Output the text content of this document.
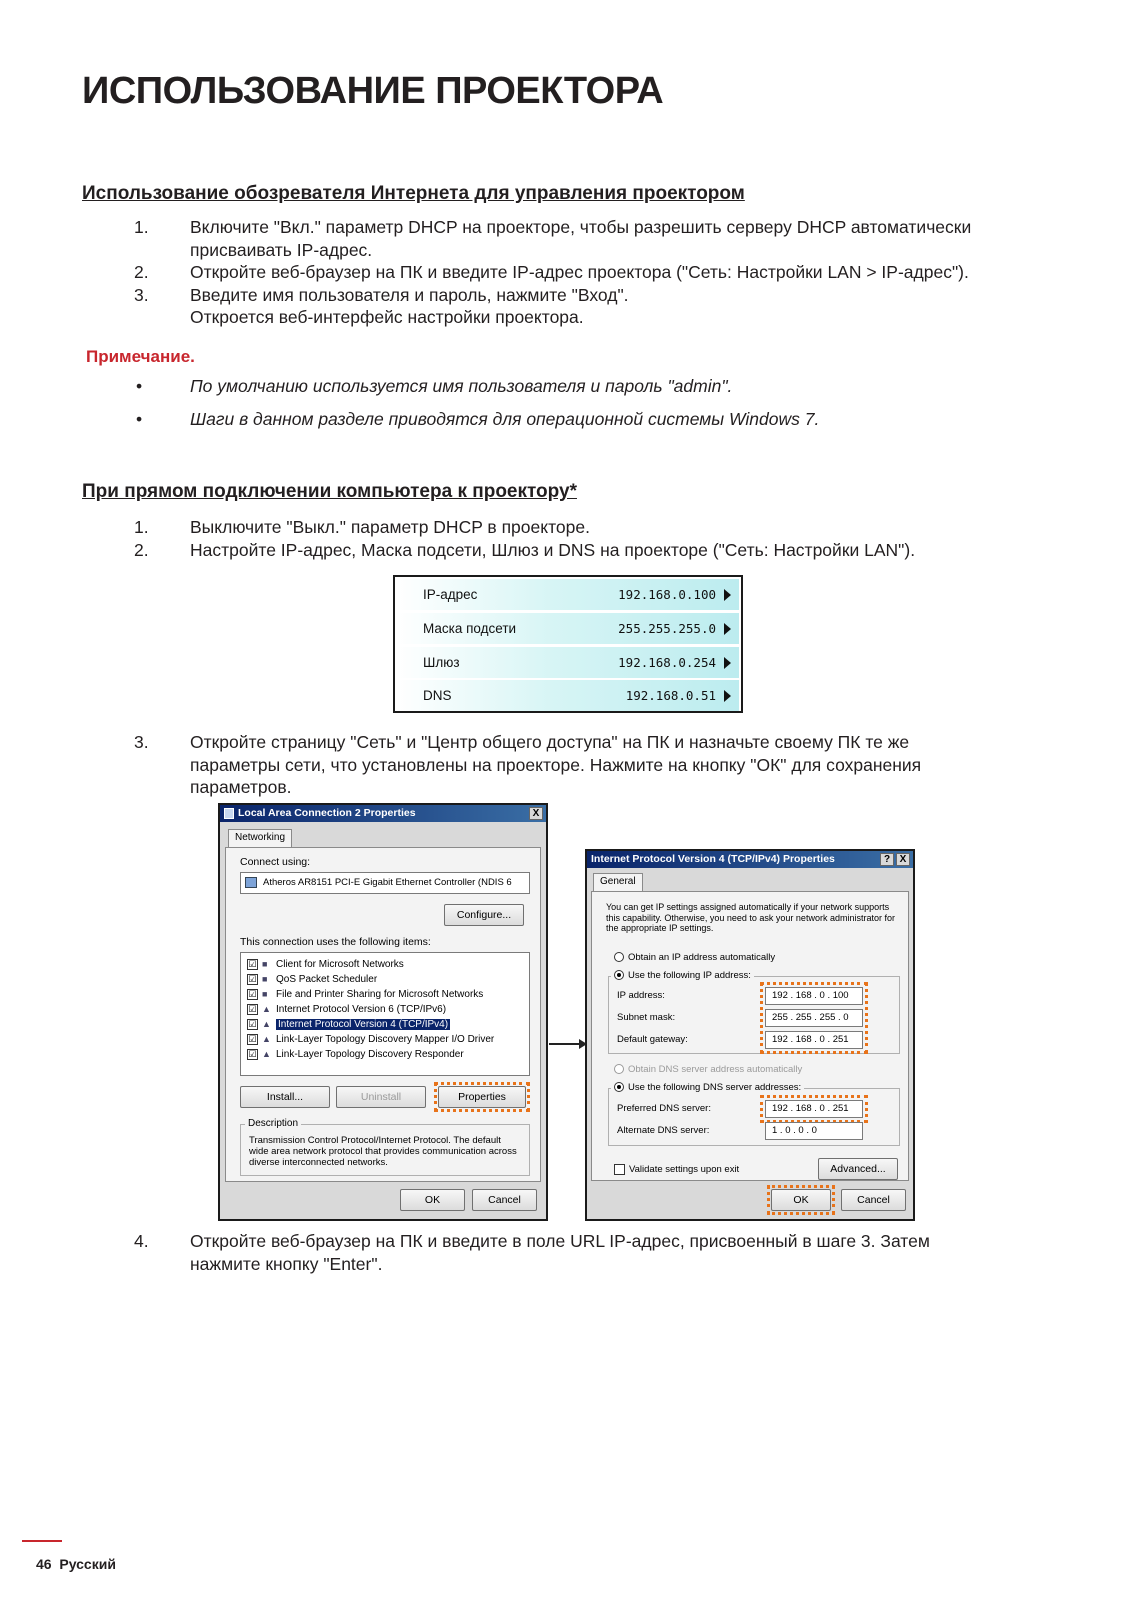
ИСПОЛЬЗОВАНИЕ ПРОЕКТОРА
Использование обозревателя Интернета для управления проектором
1.	Включите "Вкл." параметр DHCP на проекторе, чтобы разрешить серверу DHCP автоматически присваивать IP-адрес.
2.	Откройте веб-браузер на ПК и введите IP-адрес проектора ("Сеть: Настройки LAN > IP-адрес").
3.	Введите имя пользователя и пароль, нажмите "Вход".
Откроется веб-интерфейс настройки проектора.
Примечание.
•	По умолчанию используется имя пользователя и пароль "admin".
•	Шаги в данном разделе приводятся для операционной системы Windows 7.
При прямом подключении компьютера к проектору*
1.	Выключите "Выкл." параметр DHCP в проекторе.
2.	Настройте IP-адрес, Маска подсети, Шлюз и DNS на проекторе ("Сеть: Настройки LAN").
IP-адрес	192.168.0.100
Маска подсети	255.255.255.0
Шлюз	192.168.0.254
DNS	192.168.0.51
3.	Откройте страницу "Сеть" и "Центр общего доступа" на ПК и назначьте своему ПК те же параметры сети, что установлены на проекторе. Нажмите на кнопку "ОК" для сохранения параметров.
Local Area Connection 2 Properties	X
Networking
Connect using:
Atheros AR8151 PCI-E Gigabit Ethernet Controller (NDIS 6
Configure...
This connection uses the following items:
☑ ■ Client for Microsoft Networks
☑ ■ QoS Packet Scheduler
☑ ■ File and Printer Sharing for Microsoft Networks
☑ ▲ Internet Protocol Version 6 (TCP/IPv6)
☑ ▲ Internet Protocol Version 4 (TCP/IPv4)
☑ ▲ Link-Layer Topology Discovery Mapper I/O Driver
☑ ▲ Link-Layer Topology Discovery Responder
Install...	Uninstall	Properties
Description
Transmission Control Protocol/Internet Protocol. The default wide area network protocol that provides communication across diverse interconnected networks.
OK	Cancel
Internet Protocol Version 4 (TCP/IPv4) Properties	? X
General
You can get IP settings assigned automatically if your network supports this capability. Otherwise, you need to ask your network administrator for the appropriate IP settings.
Obtain an IP address automatically
Use the following IP address:
IP address:	192 . 168 . 0 . 100
Subnet mask:	255 . 255 . 255 . 0
Default gateway:	192 . 168 . 0 . 251
Obtain DNS server address automatically
Use the following DNS server addresses:
Preferred DNS server:	192 . 168 . 0 . 251
Alternate DNS server:	1 . 0 . 0 . 0
Validate settings upon exit	Advanced...
OK	Cancel
4.	Откройте веб-браузер на ПК и введите в поле URL IP-адрес, присвоенный в шаге 3. Затем нажмите кнопку "Enter".
46 Русский
